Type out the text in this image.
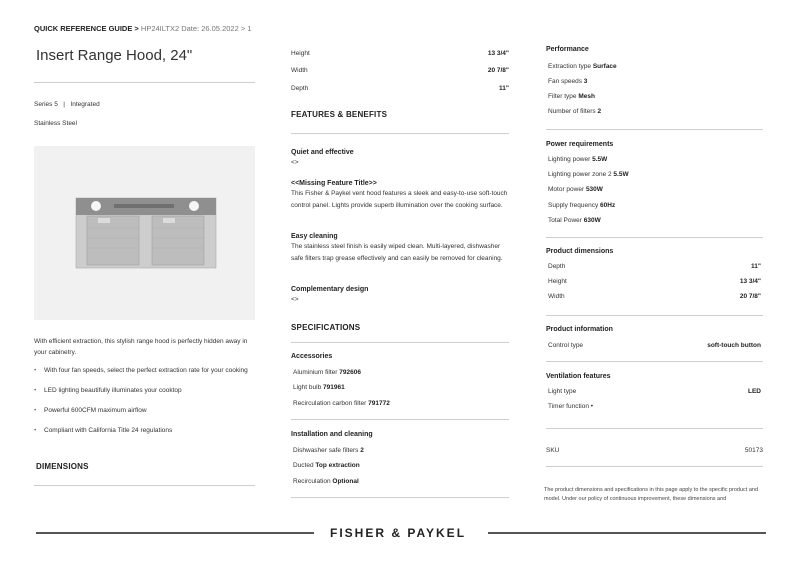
QUICK REFERENCE GUIDE > HP24ILTX2 Date: 26.05.2022 > 1
Insert Range Hood, 24"
Series 5 | Integrated
Stainless Steel
With efficient extraction, this stylish range hood is perfectly hidden away in your cabinetry.
• With four fan speeds, select the perfect extraction rate for your cooking
• LED lighting beautifully illuminates your cooktop
• Powerful 600CFM maximum airflow
• Compliant with California Title 24 regulations
DIMENSIONS
Height	13 3/4"
Width	20 7/8"
Depth	11"
FEATURES & BENEFITS
Quiet and effective
<>
<<Missing Feature Title>>
This Fisher & Paykel vent hood features a sleek and easy-to-use soft-touch control panel. Lights provide superb illumination over the cooking surface.
Easy cleaning
The stainless steel finish is easily wiped clean. Multi-layered, dishwasher safe filters trap grease effectively and can easily be removed for cleaning.
Complementary design
<>
SPECIFICATIONS
Accessories
Aluminium filter 792606
Light bulb 791961
Recirculation carbon filter 791772
Installation and cleaning
Dishwasher safe filters 2
Ducted Top extraction
Recirculation Optional
Performance
Extraction type Surface
Fan speeds 3
Filter type Mesh
Number of filters 2
Power requirements
Lighting power 5.5W
Lighting power zone 2 5.5W
Motor power 530W
Supply frequency 60Hz
Total Power 630W
Product dimensions
Depth	11"
Height	13 3/4"
Width	20 7/8"
Product information
Control type	soft-touch button
Ventilation features
Light type	LED
Timer function •
SKU	50173
The product dimensions and specifications in this page apply to the specific product and model. Under our policy of continuous improvement, these dimensions and
FISHER & PAYKEL
